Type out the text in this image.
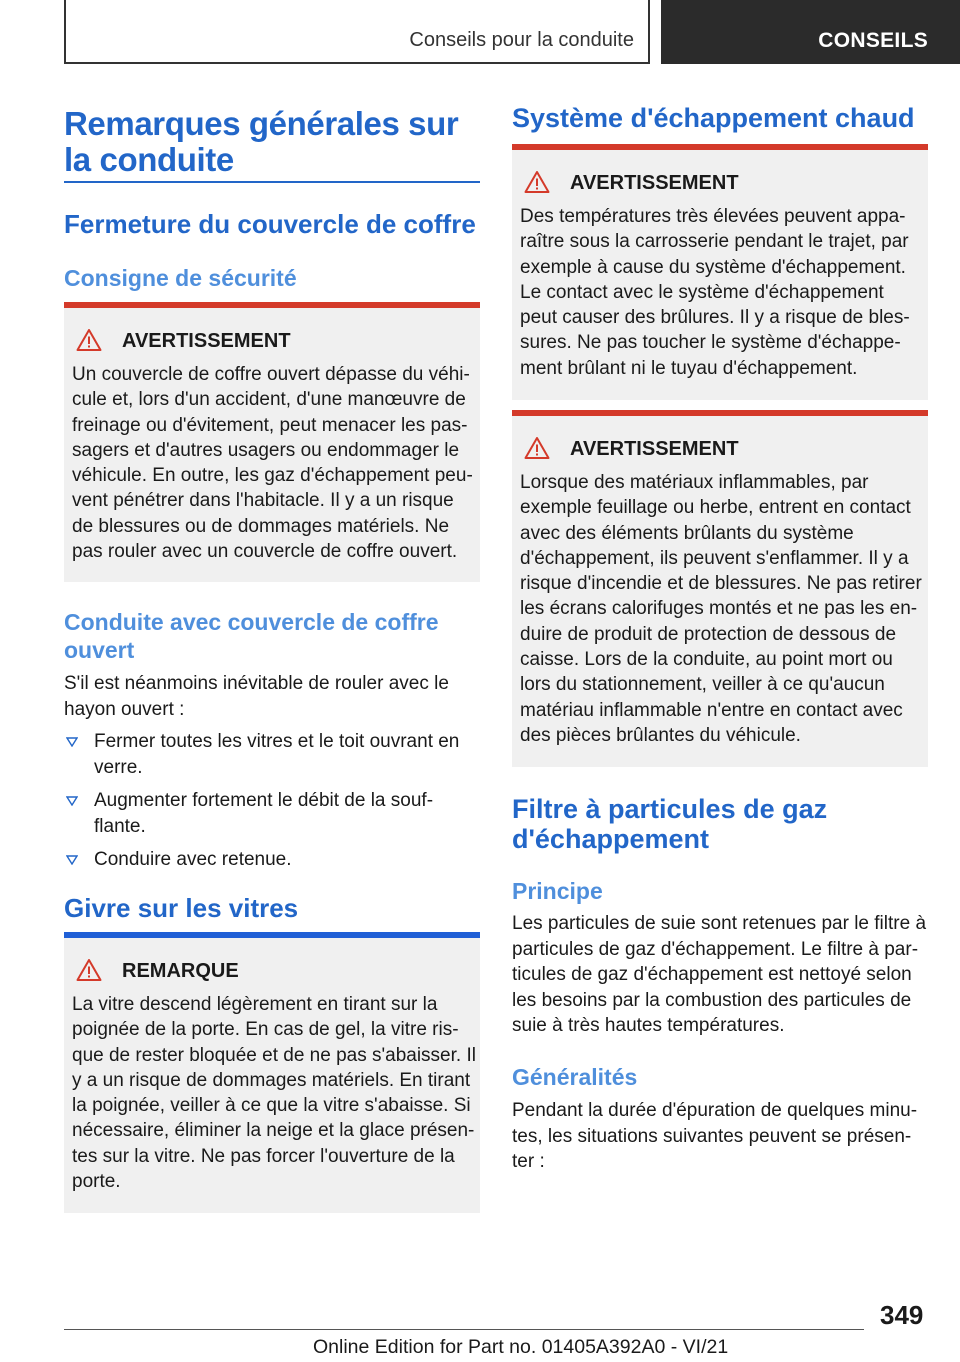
Conseils pour la conduite	CONSEILS
Remarques générales sur la conduite
Fermeture du couvercle de coffre
Consigne de sécurité
AVERTISSEMENT
Un couvercle de coffre ouvert dépasse du véhi-cule et, lors d'un accident, d'une manœuvre de freinage ou d'évitement, peut menacer les pas-sagers et d'autres usagers ou endommager le véhicule. En outre, les gaz d'échappement peu-vent pénétrer dans l'habitacle. Il y a un risque de blessures ou de dommages matériels. Ne pas rouler avec un couvercle de coffre ouvert.
Conduite avec couvercle de coffre ouvert
S'il est néanmoins inévitable de rouler avec le hayon ouvert :
Fermer toutes les vitres et le toit ouvrant en verre.
Augmenter fortement le débit de la souf-flante.
Conduire avec retenue.
Givre sur les vitres
REMARQUE
La vitre descend légèrement en tirant sur la poignée de la porte. En cas de gel, la vitre ris-que de rester bloquée et de ne pas s'abaisser. Il y a un risque de dommages matériels. En tirant la poignée, veiller à ce que la vitre s'abaisse. Si nécessaire, éliminer la neige et la glace présen-tes sur la vitre. Ne pas forcer l'ouverture de la porte.
Système d'échappement chaud
AVERTISSEMENT
Des températures très élevées peuvent appa-raître sous la carrosserie pendant le trajet, par exemple à cause du système d'échappement. Le contact avec le système d'échappement peut causer des brûlures. Il y a risque de bles-sures. Ne pas toucher le système d'échappe-ment brûlant ni le tuyau d'échappement.
AVERTISSEMENT
Lorsque des matériaux inflammables, par exemple feuillage ou herbe, entrent en contact avec des éléments brûlants du système d'échappement, ils peuvent s'enflammer. Il y a risque d'incendie et de blessures. Ne pas retirer les écrans calorifuges montés et ne pas les en-duire de produit de protection de dessous de caisse. Lors de la conduite, au point mort ou lors du stationnement, veiller à ce qu'aucun matériau inflammable n'entre en contact avec des pièces brûlantes du véhicule.
Filtre à particules de gaz d'échappement
Principe
Les particules de suie sont retenues par le filtre à particules de gaz d'échappement. Le filtre à par-ticules de gaz d'échappement est nettoyé selon les besoins par la combustion des particules de suie à très hautes températures.
Généralités
Pendant la durée d'épuration de quelques minu-tes, les situations suivantes peuvent se présen-ter :
349
Online Edition for Part no. 01405A392A0 - VI/21
